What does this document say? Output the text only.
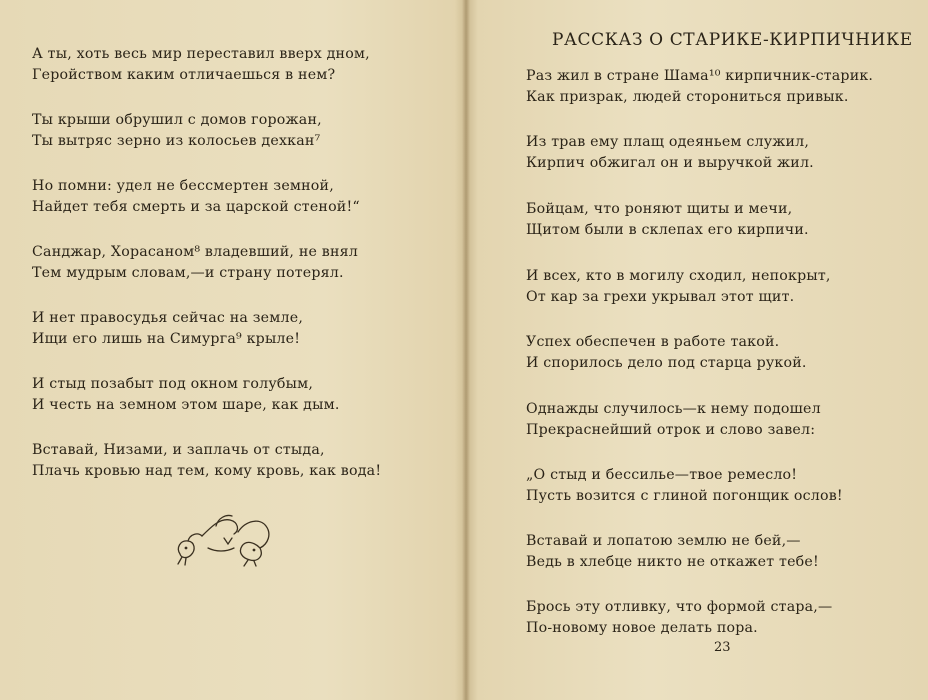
А ты, хоть весь мир переставил вверх дном,
Геройством каким отличаешься в нем?
Ты крыши обрушил с домов горожан,
Ты вытряс зерно из колосьев дехкан⁷
Но помни: удел не бессмертен земной,
Найдет тебя смерть и за царской стеной!“
Санджар, Хорасаном⁸ владевший, не внял
Тем мудрым словам,—и страну потерял.
И нет правосудья сейчас на земле,
Ищи его лишь на Симурга⁹ крыле!
И стыд позабыт под окном голубым,
И честь на земном этом шаре, как дым.
Вставай, Низами, и заплачь от стыда,
Плачь кровью над тем, кому кровь, как вода!
РАССКАЗ О СТАРИКЕ-КИРПИЧНИКЕ
Раз жил в стране Шама¹⁰ кирпичник-старик.
Как призрак, людей сторониться привык.
Из трав ему плащ одеяньем служил,
Кирпич обжигал он и выручкой жил.
Бойцам, что роняют щиты и мечи,
Щитом были в склепах его кирпичи.
И всех, кто в могилу сходил, непокрыт,
От кар за грехи укрывал этот щит.
Успех обеспечен в работе такой.
И спорилось дело под старца рукой.
Однажды случилось—к нему подошел
Прекраснейший отрок и слово завел:
„О стыд и бессилье—твое ремесло!
Пусть возится с глиной погонщик ослов!
Вставай и лопатою землю не бей,—
Ведь в хлебце никто не откажет тебе!
Брось эту отливку, что формой стара,—
По-новому новое делать пора.
23
